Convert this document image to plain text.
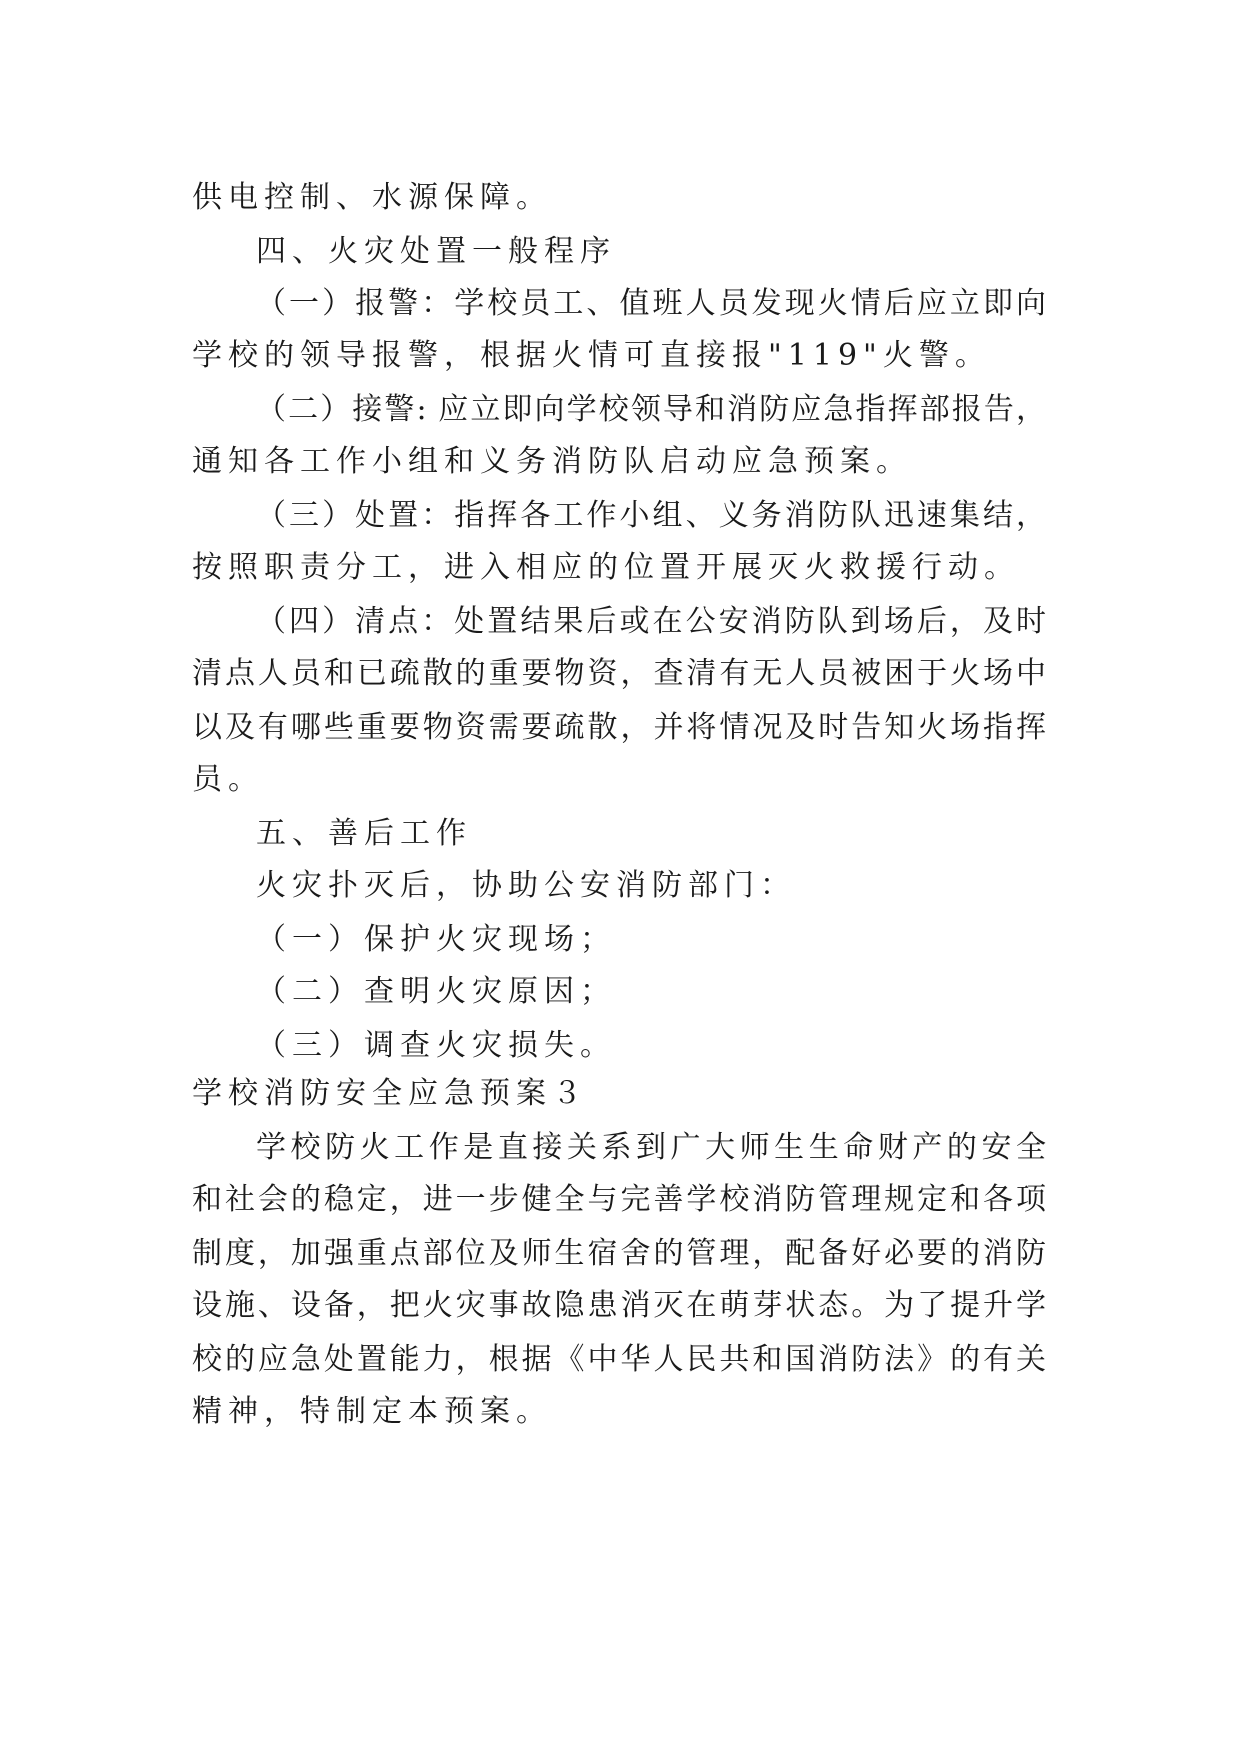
供电控制、水源保障。

四、火灾处置一般程序

（一）报警：学校员工、值班人员发现火情后应立即向

学校的领导报警，根据火情可直接报"119"火警。

（二）接警: 应立即向学校领导和消防应急指挥部报告，

通知各工作小组和义务消防队启动应急预案。

（三）处置：指挥各工作小组、义务消防队迅速集结，

按照职责分工，进入相应的位置开展灭火救援行动。

（四）清点：处置结果后或在公安消防队到场后，及时

清点人员和已疏散的重要物资，查清有无人员被困于火场中

以及有哪些重要物资需要疏散，并将情况及时告知火场指挥

员。

五、善后工作

火灾扑灭后，协助公安消防部门：

（一）保护火灾现场；

（二）查明火灾原因；

（三）调查火灾损失。

学校消防安全应急预案３

学校防火工作是直接关系到广大师生生命财产的安全

和社会的稳定，进一步健全与完善学校消防管理规定和各项

制度，加强重点部位及师生宿舍的管理，配备好必要的消防

设施、设备，把火灾事故隐患消灭在萌芽状态。为了提升学

校的应急处置能力，根据《中华人民共和国消防法》的有关

精神，特制定本预案。
